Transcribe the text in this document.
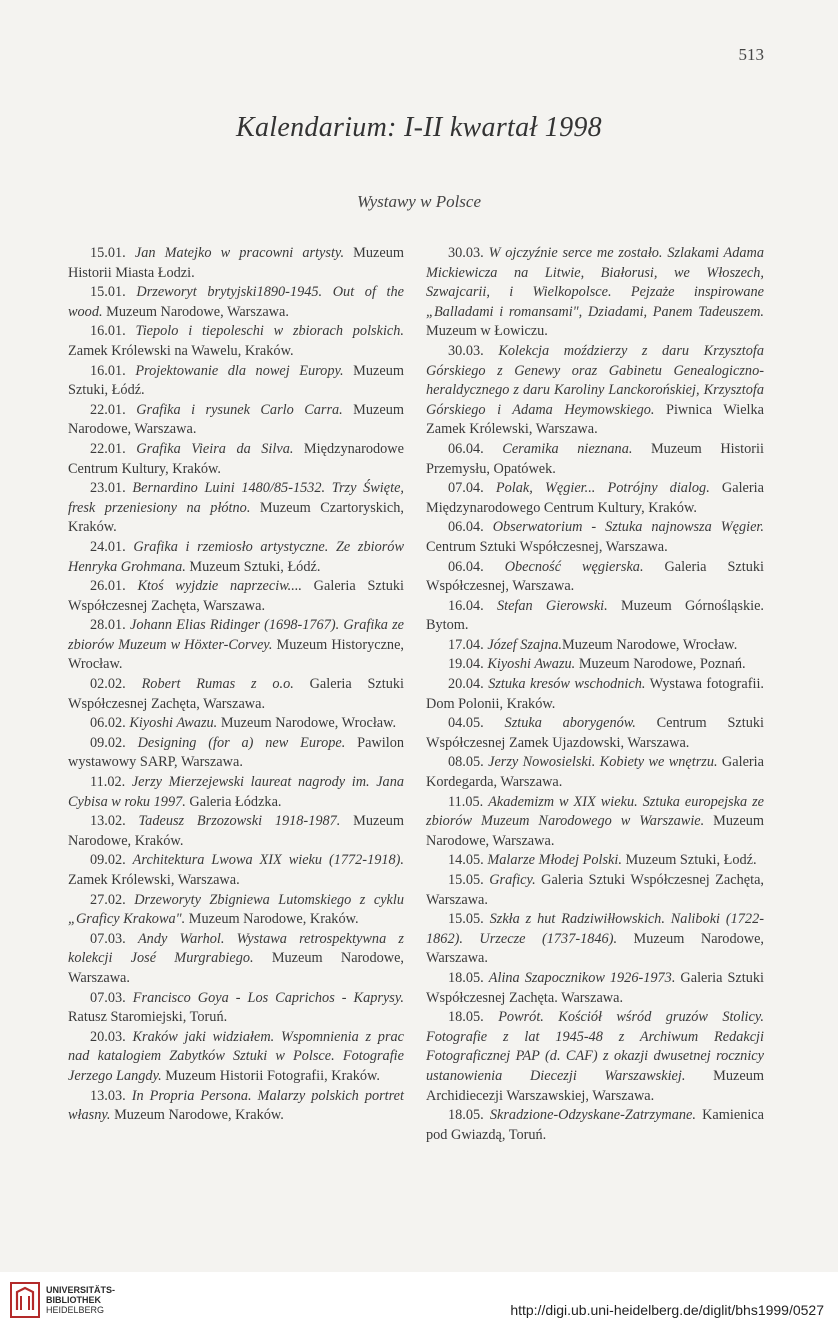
513
Kalendarium: I-II kwartał 1998
Wystawy w Polsce

15.01. Jan Matejko w pracowni artysty. Muzeum Historii Miasta Łodzi.

15.01. Drzeworyt brytyjski1890-1945. Out of the wood. Muzeum Narodowe, Warszawa.

16.01. Tiepolo i tiepoleschi w zbiorach polskich. Zamek Królewski na Wawelu, Kraków.

16.01. Projektowanie dla nowej Europy. Muzeum Sztuki, Łódź.

22.01. Grafika i rysunek Carlo Carra. Muzeum Narodowe, Warszawa.

22.01. Grafika Vieira da Silva. Międzynarodowe Centrum Kultury, Kraków.

23.01. Bernardino Luini 1480/85-1532. Trzy Święte, fresk przeniesiony na płótno. Muzeum Czartoryskich, Kraków.

24.01. Grafika i rzemiosło artystyczne. Ze zbiorów Henryka Grohmana. Muzeum Sztuki, Łódź.

26.01. Ktoś wyjdzie naprzeciw.... Galeria Sztuki Współczesnej Zachęta, Warszawa.

28.01. Johann Elias Ridinger (1698-1767). Grafika ze zbiorów Muzeum w Höxter-Corvey. Muzeum Historyczne, Wrocław.

02.02. Robert Rumas z o.o. Galeria Sztuki Współczesnej Zachęta, Warszawa.

06.02. Kiyoshi Awazu. Muzeum Narodowe, Wrocław.

09.02. Designing (for a) new Europe. Pawilon wystawowy SARP, Warszawa.

11.02. Jerzy Mierzejewski laureat nagrody im. Jana Cybisa w roku 1997. Galeria Łódzka.

13.02. Tadeusz Brzozowski 1918-1987. Muzeum Narodowe, Kraków.

09.02. Architektura Lwowa XIX wieku (1772-1918). Zamek Królewski, Warszawa.

27.02. Drzeworyty Zbigniewa Lutomskiego z cyklu „Graficy Krakowa". Muzeum Narodowe, Kraków.

07.03. Andy Warhol. Wystawa retrospektywna z kolekcji José Murgrabiego. Muzeum Narodowe, Warszawa.

07.03. Francisco Goya - Los Caprichos - Kaprysy. Ratusz Staromiejski, Toruń.

20.03. Kraków jaki widziałem. Wspomnienia z prac nad katalogiem Zabytków Sztuki w Polsce. Fotografie Jerzego Langdy. Muzeum Historii Fotografii, Kraków.

13.03. In Propria Persona. Malarzy polskich portret własny. Muzeum Narodowe, Kraków.

30.03. W ojczyźnie serce me zostało. Szlakami Adama Mickiewicza na Litwie, Białorusi, we Włoszech, Szwajcarii, i Wielkopolsce. Pejzaże inspirowane „Balladami i romansami", Dziadami, Panem Tadeuszem. Muzeum w Łowiczu.

30.03. Kolekcja moździerzy z daru Krzysztofa Górskiego z Genewy oraz Gabinetu Genealogiczno-heraldycznego z daru Karoliny Lanckorońskiej, Krzysztofa Górskiego i Adama Heymowskiego. Piwnica Wielka Zamek Królewski, Warszawa.

06.04. Ceramika nieznana. Muzeum Historii Przemysłu, Opatówek.

07.04. Polak, Węgier... Potrójny dialog. Galeria Międzynarodowego Centrum Kultury, Kraków.

06.04. Obserwatorium - Sztuka najnowsza Węgier. Centrum Sztuki Współczesnej, Warszawa.

06.04. Obecność węgierska. Galeria Sztuki Współczesnej, Warszawa.

16.04. Stefan Gierowski. Muzeum Górnośląskie. Bytom.

17.04. Józef Szajna.Muzeum Narodowe, Wrocław.

19.04. Kiyoshi Awazu. Muzeum Narodowe, Poznań.

20.04. Sztuka kresów wschodnich. Wystawa fotografii. Dom Polonii, Kraków.

04.05. Sztuka aborygenów. Centrum Sztuki Współczesnej Zamek Ujazdowski, Warszawa.

08.05. Jerzy Nowosielski. Kobiety we wnętrzu. Galeria Kordegarda, Warszawa.

11.05. Akademizm w XIX wieku. Sztuka europejska ze zbiorów Muzeum Narodowego w Warszawie. Muzeum Narodowe, Warszawa.

14.05. Malarze Młodej Polski. Muzeum Sztuki, Łodź.

15.05. Graficy. Galeria Sztuki Współczesnej Zachęta, Warszawa.

15.05. Szkła z hut Radziwiłłowskich. Naliboki (1722-1862). Urzecze (1737-1846). Muzeum Narodowe, Warszawa.

18.05. Alina Szapocznikow 1926-1973. Galeria Sztuki Współczesnej Zachęta. Warszawa.

18.05. Powrót. Kościół wśród gruzów Stolicy. Fotografie z lat 1945-48 z Archiwum Redakcji Fotograficznej PAP (d. CAF) z okazji dwusetnej rocznicy ustanowienia Diecezji Warszawskiej. Muzeum Archidiecezji Warszawskiej, Warszawa.

18.05. Skradzione-Odzyskane-Zatrzymane. Kamienica pod Gwiazdą, Toruń.

UNIVERSITÄTS-
BIBLIOTHEK
HEIDELBERG	http://digi.ub.uni-heidelberg.de/diglit/bhs1999/0527
